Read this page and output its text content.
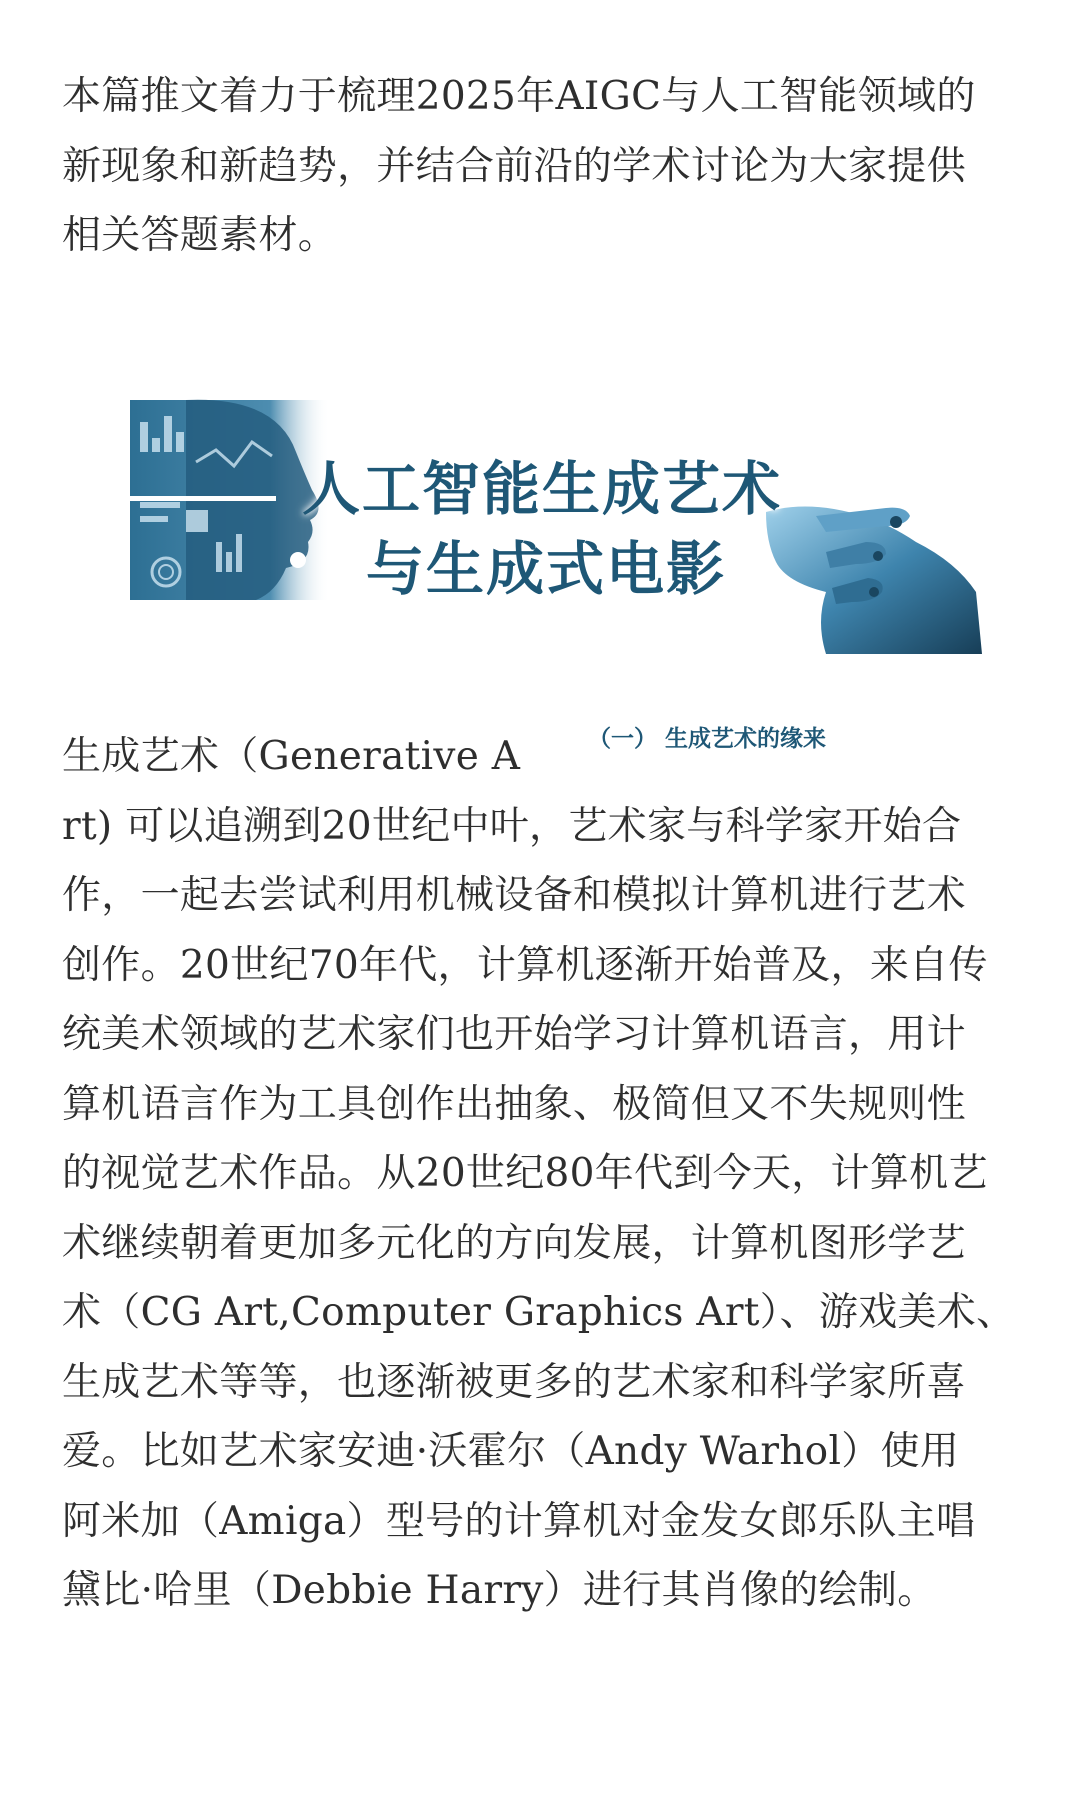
本篇推文着力于梳理2025年AIGC与人工智能领域的
新现象和新趋势，并结合前沿的学术讨论为大家提供
相关答题素材。
人工智能生成艺术
与生成式电影
（一） 生成艺术的缘来
生成艺术（Generative A
rt) 可以追溯到20世纪中叶，艺术家与科学家开始合
作，一起去尝试利用机械设备和模拟计算机进行艺术
创作。20世纪70年代，计算机逐渐开始普及，来自传
统美术领域的艺术家们也开始学习计算机语言，用计
算机语言作为工具创作出抽象、极简但又不失规则性
的视觉艺术作品。从20世纪80年代到今天，计算机艺
术继续朝着更加多元化的方向发展，计算机图形学艺
术（CG Art,Computer Graphics Art）、游戏美术、
生成艺术等等，也逐渐被更多的艺术家和科学家所喜
爱。比如艺术家安迪·沃霍尔（Andy Warhol）使用
阿米加（Amiga）型号的计算机对金发女郎乐队主唱
黛比·哈里（Debbie Harry）进行其肖像的绘制。
